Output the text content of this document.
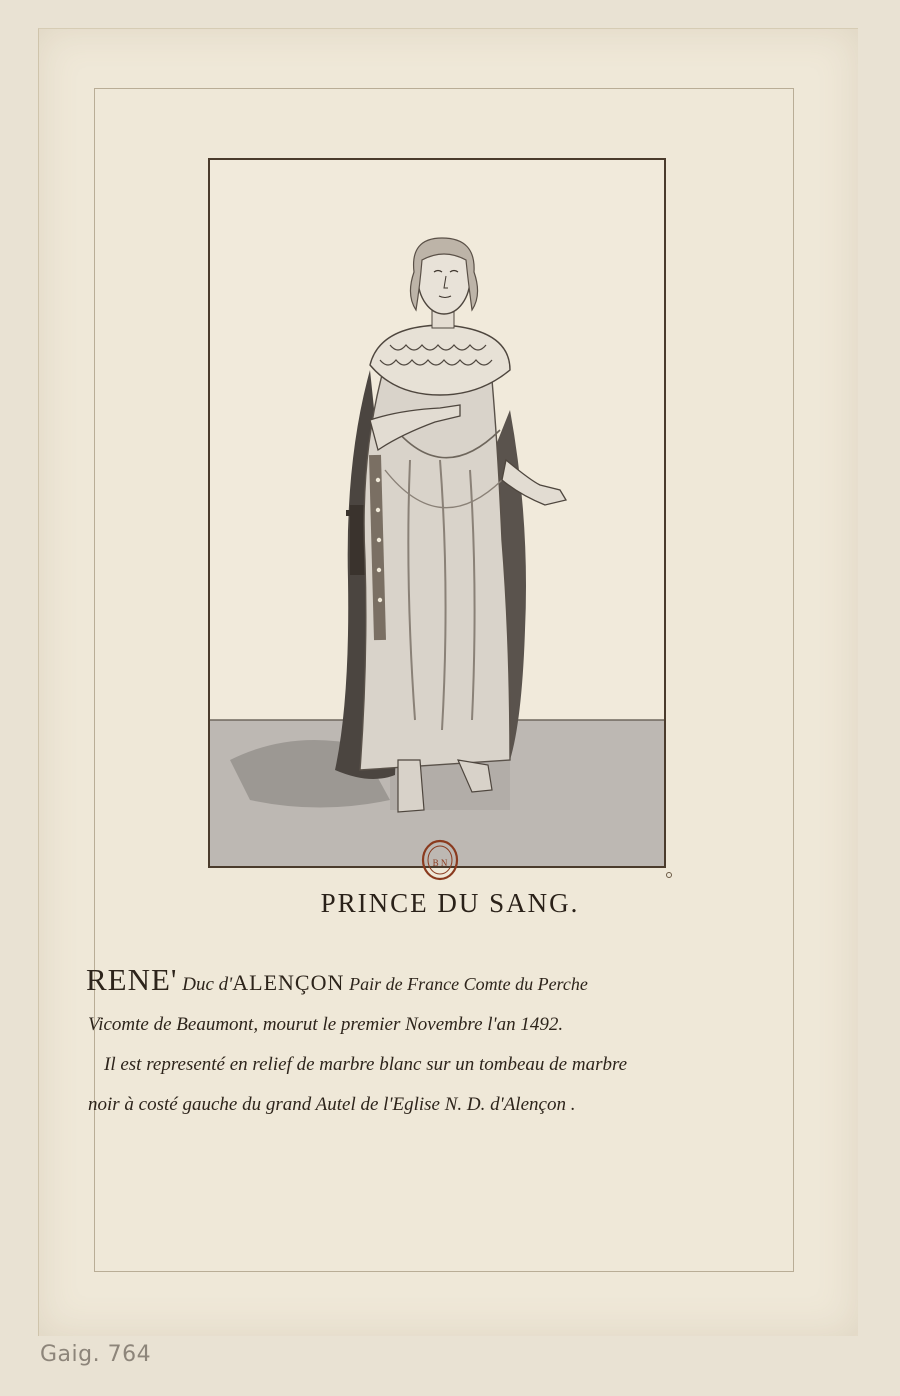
B N
PRINCE DU SANG.
RENE' Duc d'ALENÇON Pair de France Comte du Perche
Vicomte de Beaumont, mourut le premier Novembre l'an 1492.
Il est representé en relief de marbre blanc sur un tombeau de marbre
noir à costé gauche du grand Autel de l'Eglise N. D. d'Alençon .
Gaig. 764
